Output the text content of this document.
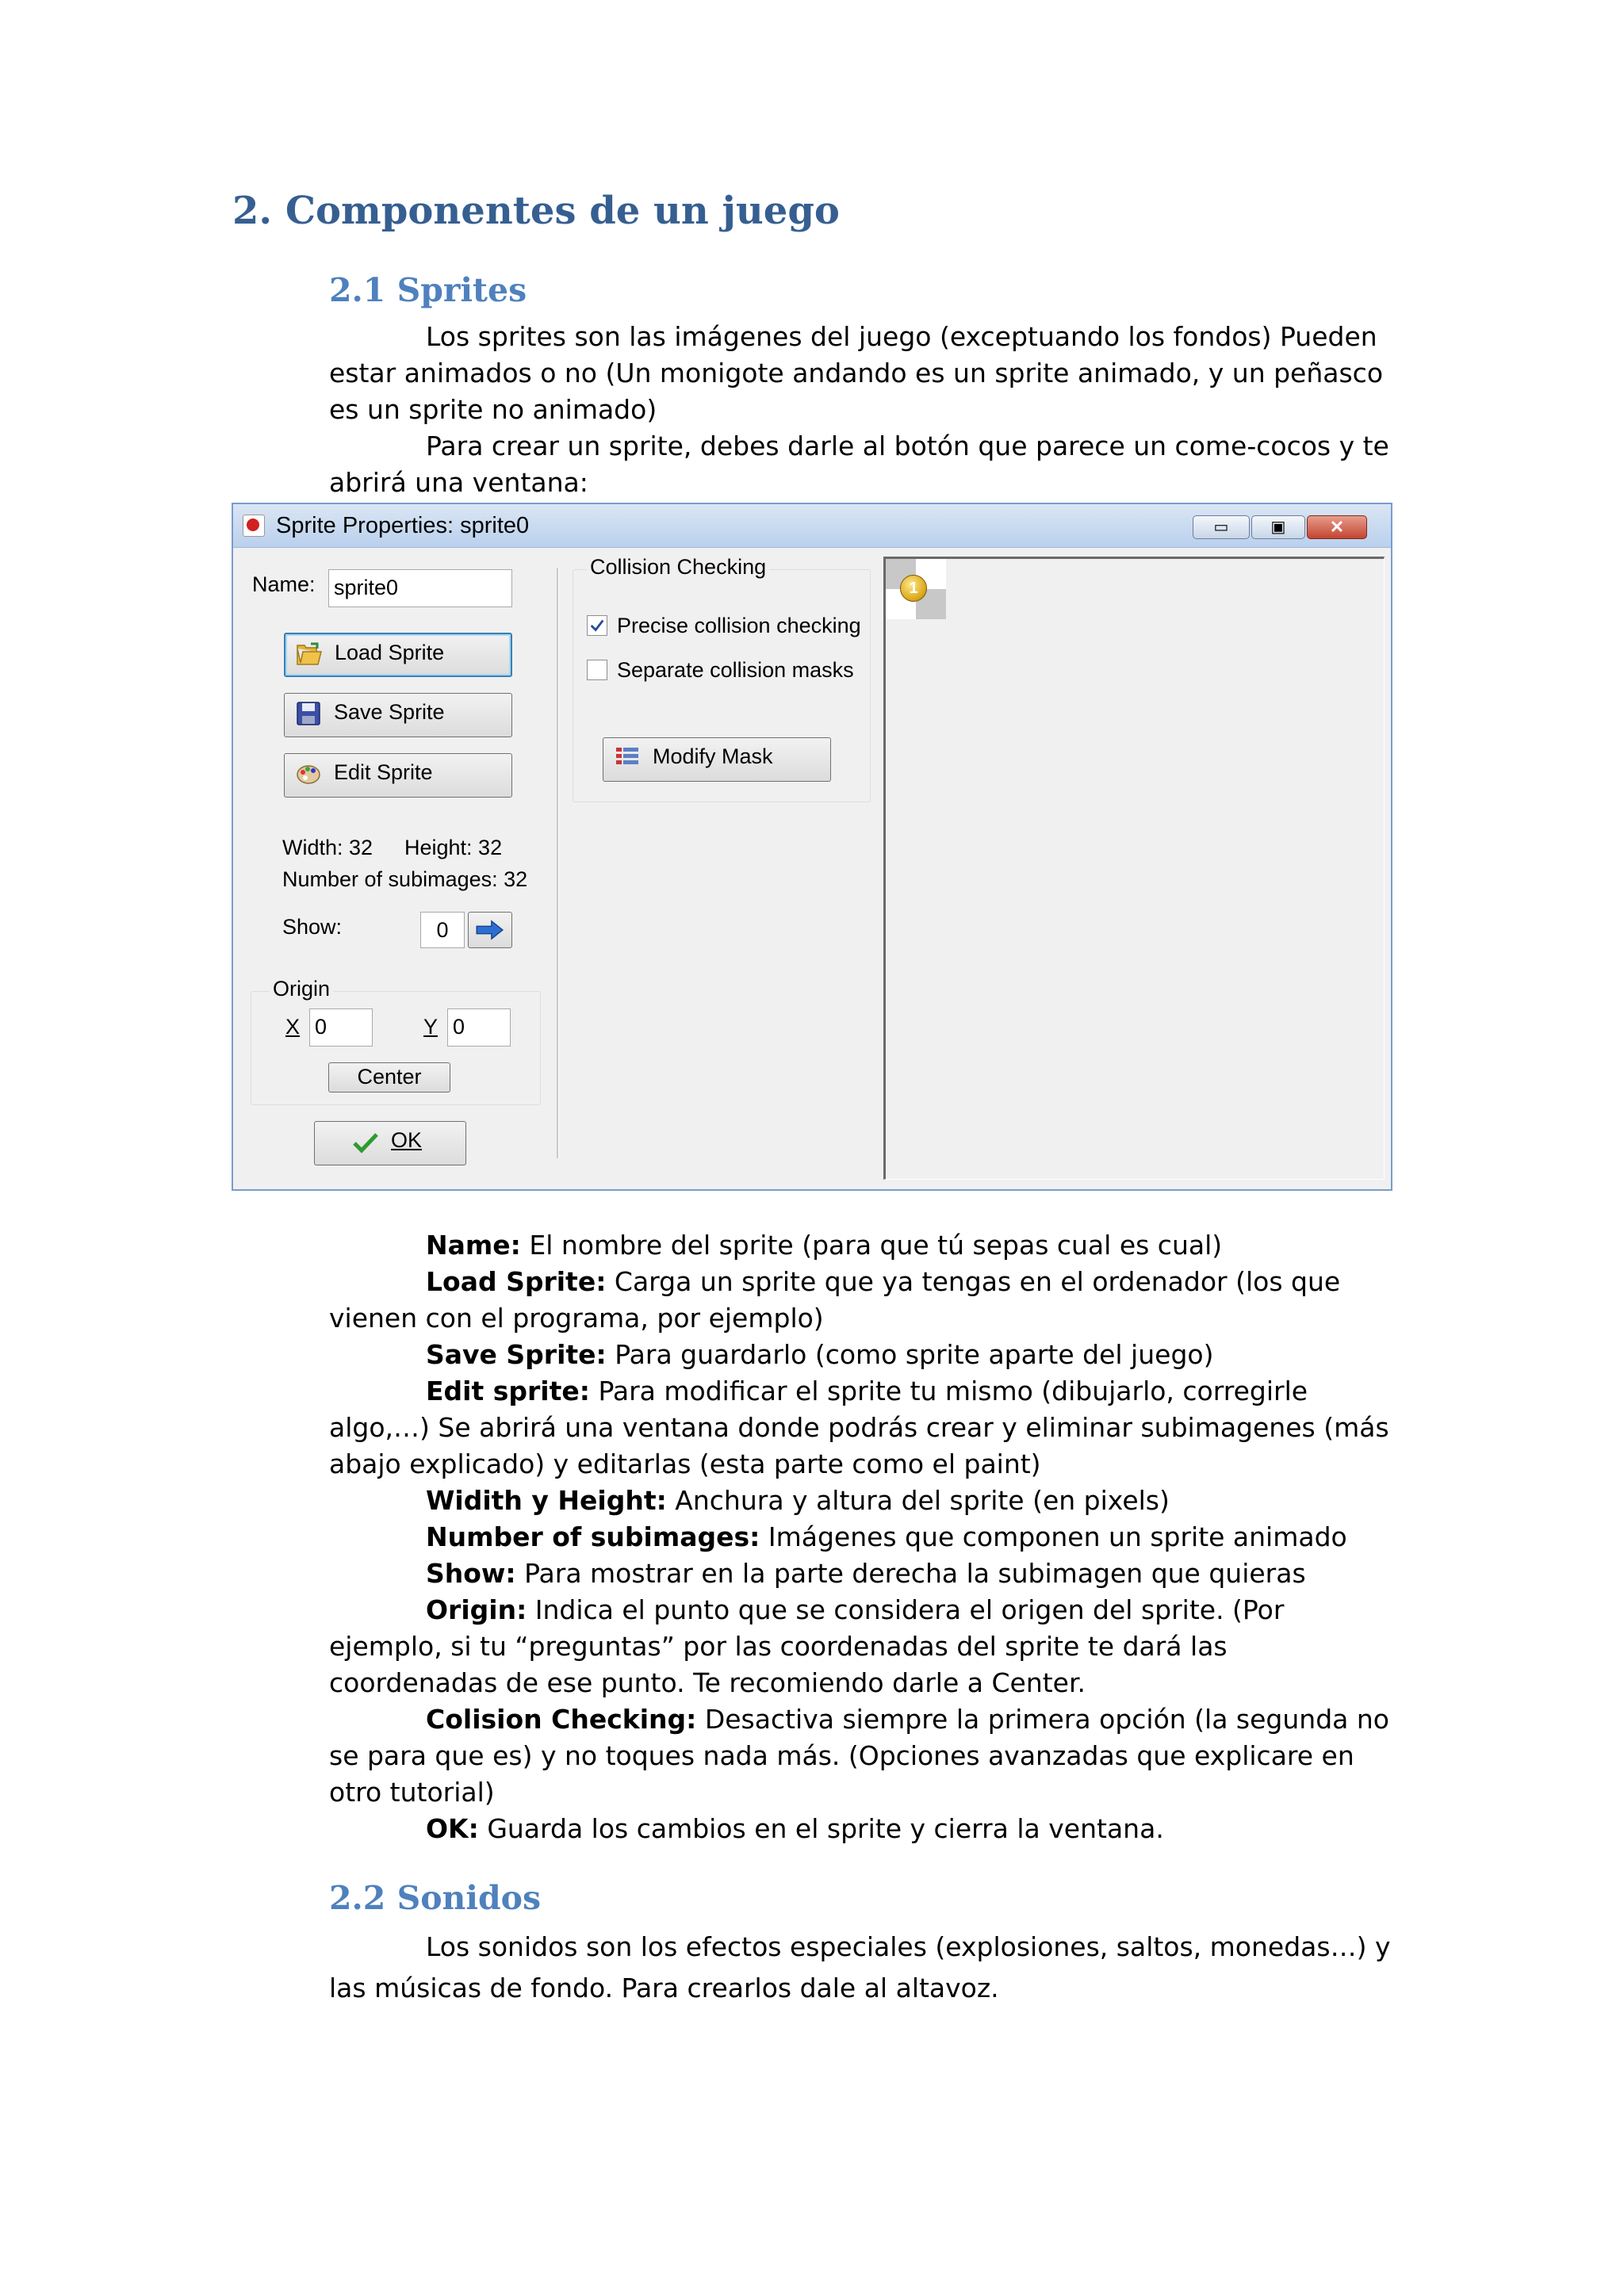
2. Componentes de un juego
2.1 Sprites

Los sprites son las imágenes del juego (exceptuando los fondos) Pueden estar animados o no (Un monigote andando es un sprite animado, y un peñasco es un sprite no animado)

Para crear un sprite, debes darle al botón que parece un come-cocos y te abrirá una ventana:

Sprite Properties: sprite0	▭	▣	✕
Name: sprite0
Load Sprite
Save Sprite
Edit Sprite
Width: 32 Height: 32
Number of subimages: 32
Show:	0
Origin
X 0	Y 0
Center
OK
Collision Checking
Precise collision checking
Separate collision masks
Modify Mask
1

Name: El nombre del sprite (para que tú sepas cual es cual)

Load Sprite: Carga un sprite que ya tengas en el ordenador (los que vienen con el programa, por ejemplo)

Save Sprite: Para guardarlo (como sprite aparte del juego)

Edit sprite: Para modificar el sprite tu mismo (dibujarlo, corregirle algo,…) Se abrirá una ventana donde podrás crear y eliminar subimagenes (más abajo explicado) y editarlas (esta parte como el paint)

Widith y Height: Anchura y altura del sprite (en pixels)

Number of subimages: Imágenes que componen un sprite animado

Show: Para mostrar en la parte derecha la subimagen que quieras

Origin: Indica el punto que se considera el origen del sprite. (Por ejemplo, si tu “preguntas” por las coordenadas del sprite te dará las coordenadas de ese punto. Te recomiendo darle a Center.

Colision Checking: Desactiva siempre la primera opción (la segunda no se para que es) y no toques nada más. (Opciones avanzadas que explicare en otro tutorial)

OK: Guarda los cambios en el sprite y cierra la ventana.

2.2 Sonidos

Los sonidos son los efectos especiales (explosiones, saltos, monedas…) y las músicas de fondo. Para crearlos dale al altavoz.
